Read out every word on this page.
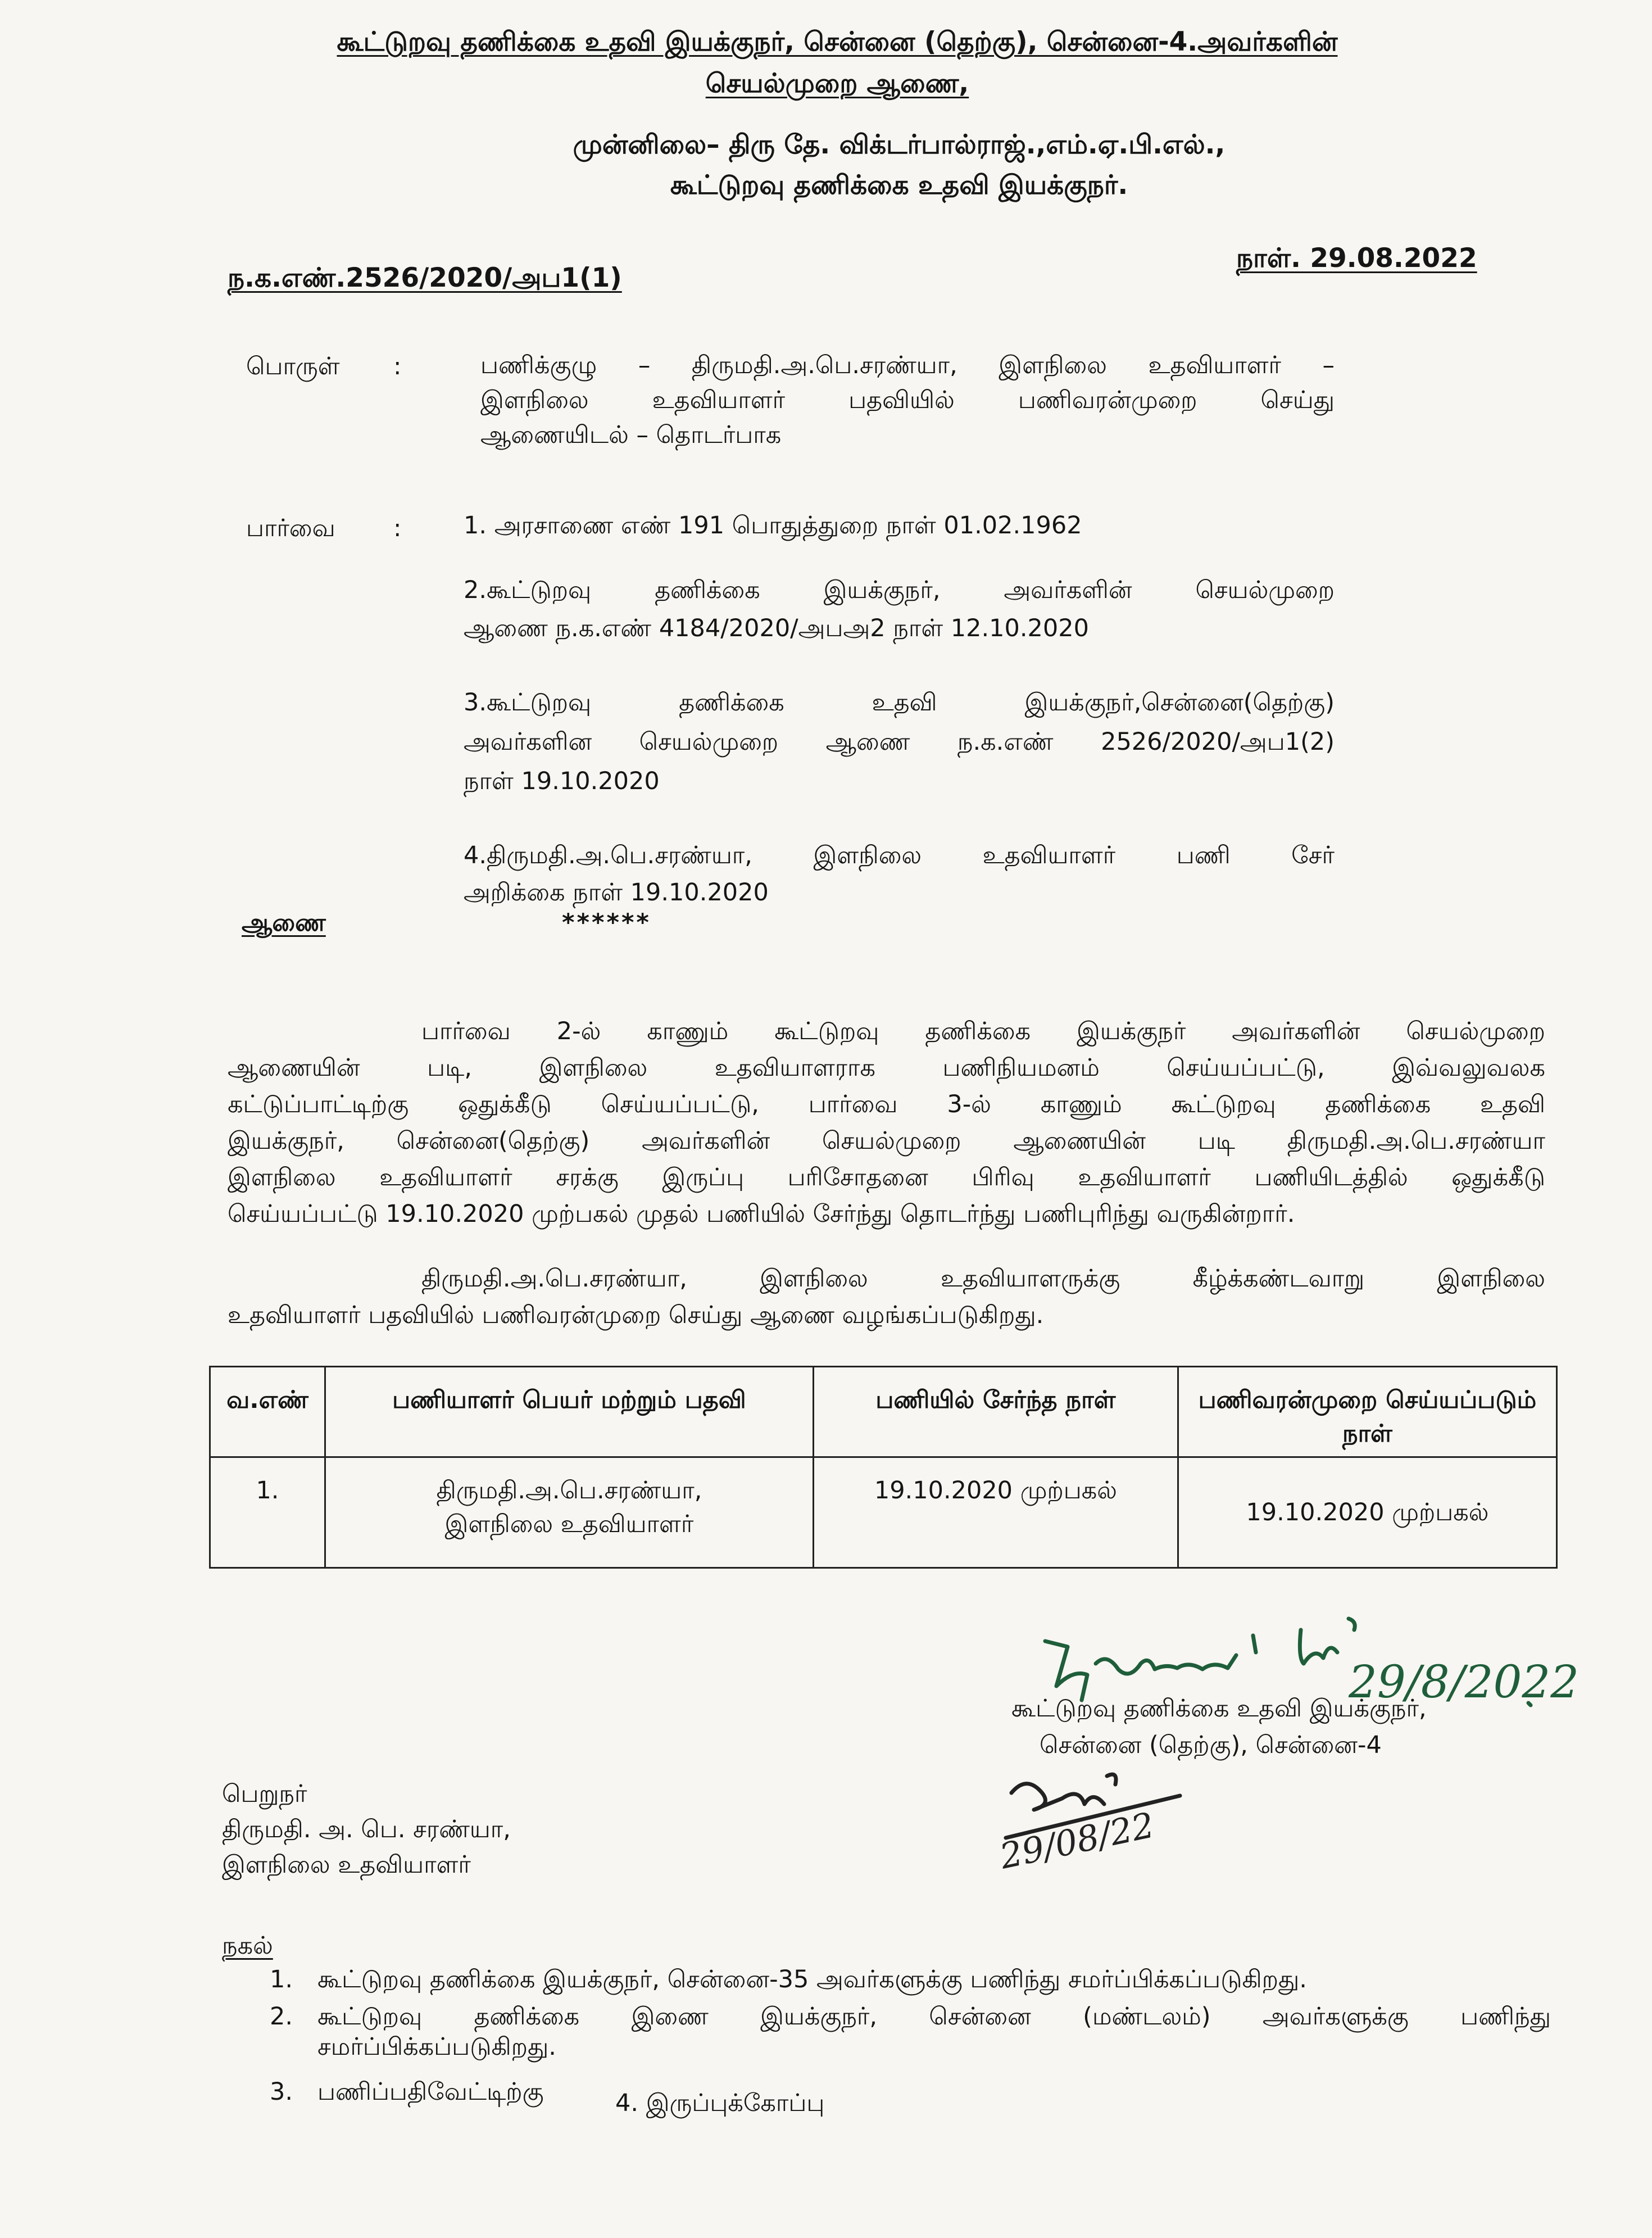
கூட்டுறவு தணிக்கை உதவி இயக்குநர், சென்னை (தெற்கு), சென்னை-4.அவர்களின்
செயல்முறை ஆணை,
முன்னிலை– திரு தே. விக்டர்பால்ராஜ்.,எம்.ஏ.பி.எல்.,
கூட்டுறவு தணிக்கை உதவி இயக்குநர்.
ந.க.எண்.2526/2020/அப1(1)
நாள். 29.08.2022
பொருள் :	பணிக்குழு – திருமதி.அ.பெ.சரண்யா, இளநிலை உதவியாளர் –
இளநிலை உதவியாளர் பதவியில் பணிவரன்முறை செய்து
ஆணையிடல் – தொடர்பாக
பார்வை :	1. அரசாணை எண் 191 பொதுத்துறை நாள் 01.02.1962
2.கூட்டுறவு தணிக்கை இயக்குநர், அவர்களின் செயல்முறை
ஆணை ந.க.எண் 4184/2020/அபஅ2 நாள் 12.10.2020
3.கூட்டுறவு தணிக்கை உதவி இயக்குநர்,சென்னை(தெற்கு)
அவர்களின செயல்முறை ஆணை ந.க.எண் 2526/2020/அப1(2)
நாள் 19.10.2020
4.திருமதி.அ.பெ.சரண்யா, இளநிலை உதவியாளர் பணி சேர்
அறிக்கை நாள் 19.10.2020
ஆணை	******
பார்வை 2-ல் காணும் கூட்டுறவு தணிக்கை இயக்குநர் அவர்களின் செயல்முறை
ஆணையின் படி, இளநிலை உதவியாளராக பணிநியமனம் செய்யப்பட்டு, இவ்வலுவலக
கட்டுப்பாட்டிற்கு ஒதுக்கீடு செய்யப்பட்டு, பார்வை 3-ல் காணும் கூட்டுறவு தணிக்கை உதவி
இயக்குநர், சென்னை(தெற்கு) அவர்களின் செயல்முறை ஆணையின் படி திருமதி.அ.பெ.சரண்யா
இளநிலை உதவியாளர் சரக்கு இருப்பு பரிசோதனை பிரிவு உதவியாளர் பணியிடத்தில் ஒதுக்கீடு
செய்யப்பட்டு 19.10.2020 முற்பகல் முதல் பணியில் சேர்ந்து தொடர்ந்து பணிபுரிந்து வருகின்றார்.
திருமதி.அ.பெ.சரண்யா, இளநிலை உதவியாளருக்கு கீழ்க்கண்டவாறு இளநிலை
உதவியாளர் பதவியில் பணிவரன்முறை செய்து ஆணை வழங்கப்படுகிறது.
வ.எண்	பணியாளர் பெயர் மற்றும் பதவி	பணியில் சேர்ந்த நாள்	பணிவரன்முறை செய்யப்படும் நாள்
1.	திருமதி.அ.பெ.சரண்யா,
இளநிலை உதவியாளர்	19.10.2020 முற்பகல்	19.10.2020 முற்பகல்
29/8/2022
கூட்டுறவு தணிக்கை உதவி இயக்குநர்,
சென்னை (தெற்கு), சென்னை-4
29/08/22
பெறுநர்
திருமதி. அ. பெ. சரண்யா,
இளநிலை உதவியாளர்
நகல்
1. கூட்டுறவு தணிக்கை இயக்குநர், சென்னை-35 அவர்களுக்கு பணிந்து சமர்ப்பிக்கப்படுகிறது.
2. கூட்டுறவு தணிக்கை இணை இயக்குநர், சென்னை (மண்டலம்) அவர்களுக்கு பணிந்து
சமர்ப்பிக்கப்படுகிறது.
3. பணிப்பதிவேட்டிற்கு	4. இருப்புக்கோப்பு
